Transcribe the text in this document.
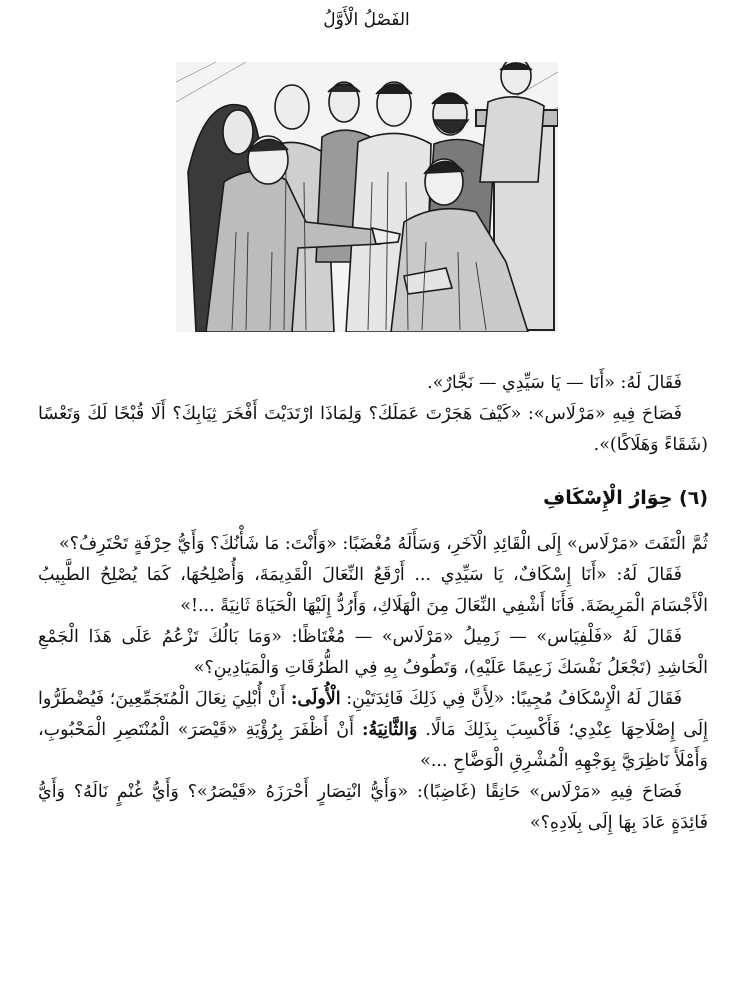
الفَصْلُ الْأَوَّلُ

فَقَالَ لَهُ: «أَنَا — يَا سَيِّدِي — نَجَّارٌ».

فَصَاحَ فِيهِ «مَرْلَاس»: «كَيْفَ هَجَرْتَ عَمَلَكَ؟ وَلِمَاذَا ارْتَدَيْتَ أَفْخَرَ ثِيَابِكَ؟ أَلَا قُبْحًا لَكَ وَتَعْسًا (شَقَاءً وَهَلَاكًا)».

(٦) حِوَارُ الْإِسْكَافِ

ثُمَّ الْتَفَتَ «مَرْلَاس» إِلَى الْقَائِدِ الْآخَرِ، وَسَأَلَهُ مُغْضَبًا: «وَأَنْتَ: مَا شَأْنُكَ؟ وَأَيُّ حِرْفَةٍ تَحْتَرِفُ؟»

فَقَالَ لَهُ: «أَنَا إِسْكَافٌ، يَا سَيِّدِي ... أَرْقَعُ النِّعَالَ الْقَدِيمَةَ، وَأُصْلِحُهَا، كَمَا يُصْلِحُ الطَّبِيبُ الْأَجْسَامَ الْمَرِيضَةَ. فَأَنَا أَشْفِي النِّعَالَ مِنَ الْهَلَاكِ، وَأَرُدُّ إِلَيْهَا الْحَيَاةَ ثَانِيَةً ...!»

فَقَالَ لَهُ «فَلْفِيَاس» — زَمِيلُ «مَرْلَاس» — مُغْتَاظًا: «وَمَا بَالُكَ تَزْعُمُ عَلَى هَذَا الْجَمْعِ الْحَاشِدِ (تَجْعَلُ نَفْسَكَ زَعِيمًا عَلَيْهِ)، وَتَطُوفُ بِهِ فِي الطُّرُقَاتِ وَالْمَيَادِينِ؟»

فَقَالَ لَهُ الْإِسْكَافُ مُجِيبًا: «لِأَنَّ فِي ذَلِكَ فَائِدَتَيْنِ: الْأُولَى: أَنْ أُبْلِيَ نِعَالَ الْمُتَجَمِّعِينَ؛ فَيُضْطَرُّوا إِلَى إِصْلَاحِهَا عِنْدِي؛ فَأَكْسِبَ بِذَلِكَ مَالًا. وَالثَّانِيَةُ: أَنْ أَظْفَرَ بِرُؤْيَةِ «قَيْصَرَ» الْمُنْتَصِرِ الْمَحْبُوبِ، وَأَمْلَأَ نَاظِرَيَّ بِوَجْهِهِ الْمُشْرِقِ الْوَضَّاحِ ...»

فَصَاحَ فِيهِ «مَرْلَاس» حَانِقًا (غَاضِبًا): «وَأَيُّ انْتِصَارٍ أَحْرَزَهُ «قَيْصَرُ»؟ وَأَيُّ غُنْمٍ نَالَهُ؟ وَأَيُّ فَائِدَةٍ عَادَ بِهَا إِلَى بِلَادِهِ؟»
